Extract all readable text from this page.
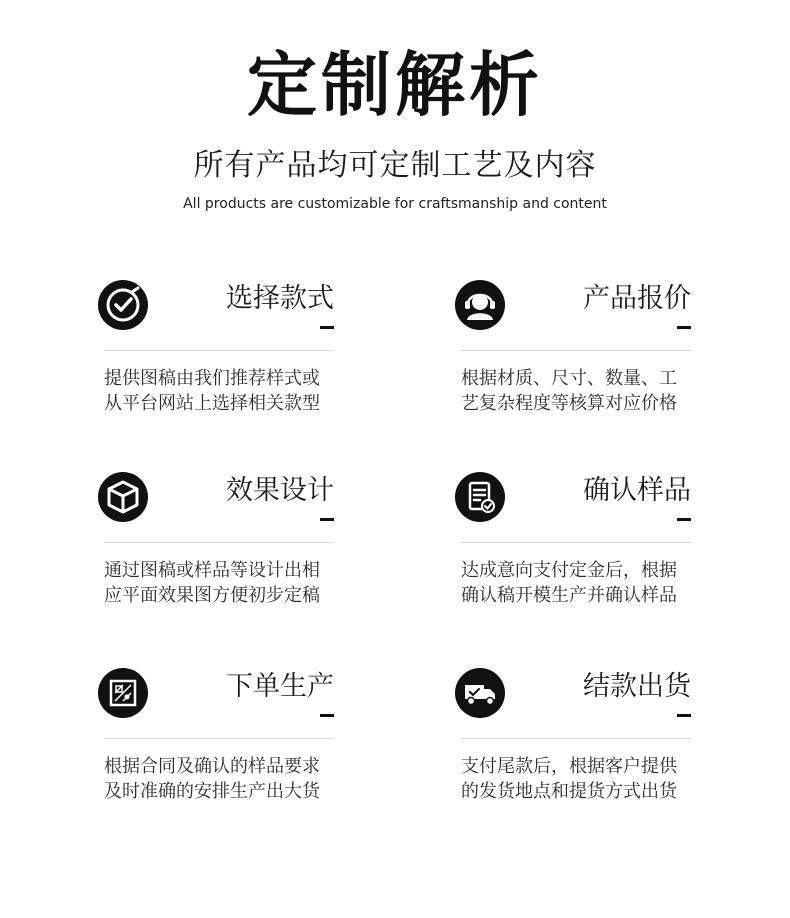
定制解析
所有产品均可定制工艺及内容
All products are customizable for craftsmanship and content
选择款式
提供图稿由我们推荐样式或
从平台网站上选择相关款型
产品报价
根据材质、尺寸、数量、工
艺复杂程度等核算对应价格
效果设计
通过图稿或样品等设计出相
应平面效果图方便初步定稿
确认样品
达成意向支付定金后，根据
确认稿开模生产并确认样品
下单生产
根据合同及确认的样品要求
及时准确的安排生产出大货
结款出货
支付尾款后，根据客户提供
的发货地点和提货方式出货
